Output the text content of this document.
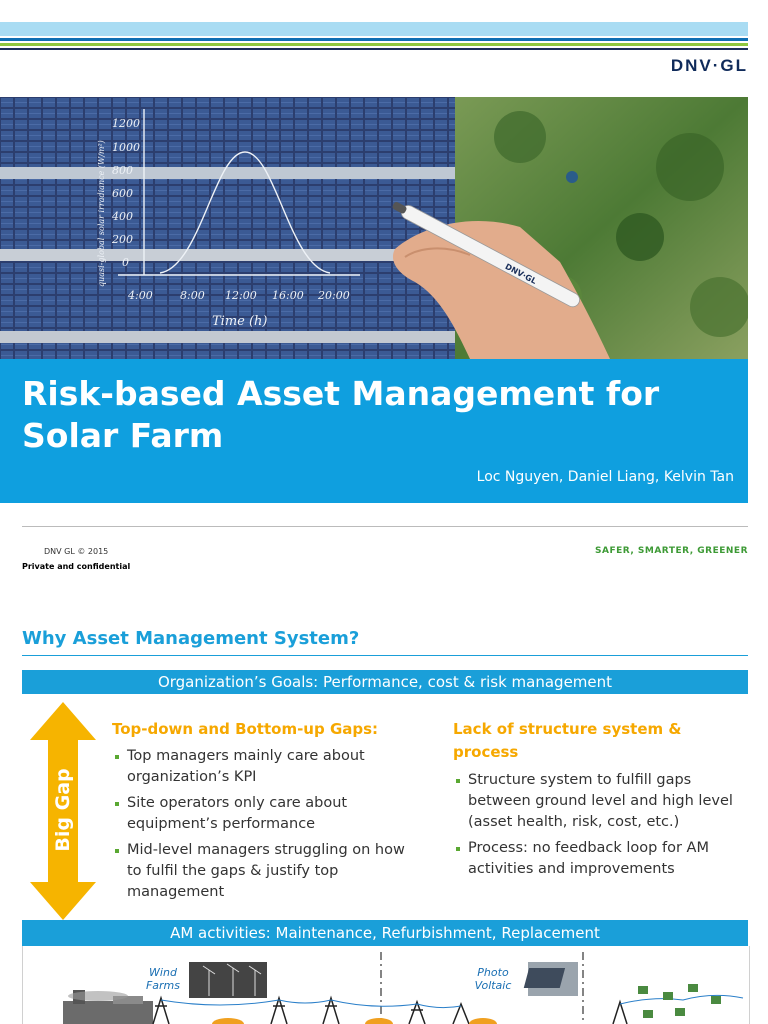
DNV·GL
1200
1000
800
600
400
200
0
4:00 8:00 12:00 16:00 20:00
Time (h)
quasi-global solar irradiance (W/m²)	DNV·GL
Risk-based Asset Management for Solar Farm
Loc Nguyen, Daniel Liang, Kelvin Tan
DNV GL © 2015
Private and confidential
SAFER, SMARTER, GREENER
Why Asset Management System?
Organization’s Goals: Performance, cost & risk management
Big Gap
Top-down and Bottom-up Gaps:
Top managers mainly care about organization’s KPI
Site operators only care about equipment’s performance
Mid-level managers struggling on how to fulfil the gaps & justify top management
Lack of structure system & process
Structure system to fulfill gaps between ground level and high level (asset health, risk, cost, etc.)
Process: no feedback loop for AM activities and improvements
AM activities: Maintenance, Refurbishment, Replacement
Wind Farms
Photo Voltaic
